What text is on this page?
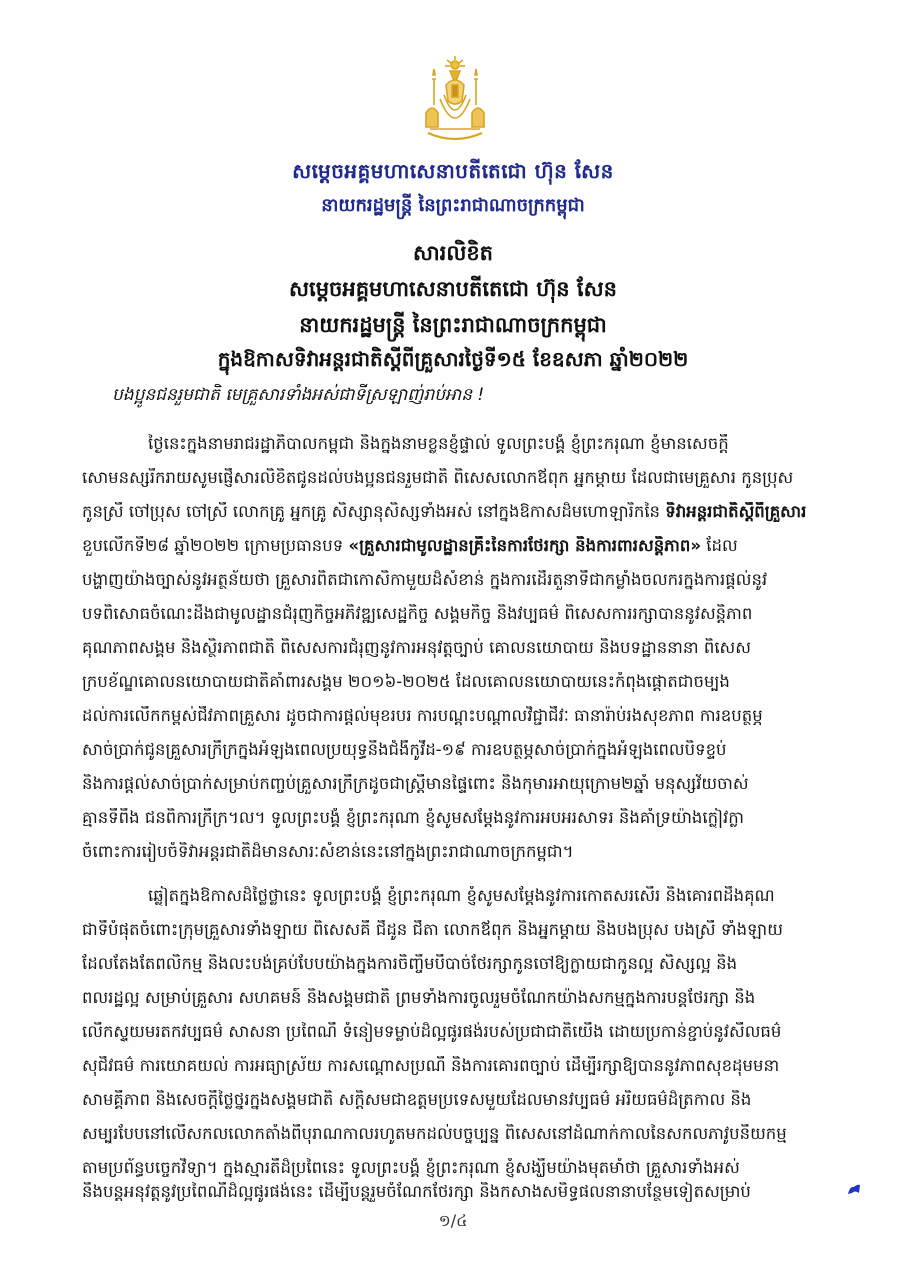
សម្តេចអគ្គមហាសេនាបតីតេជោ ហ៊ុន សែន
នាយករដ្ឋមន្ត្រី នៃព្រះរាជាណាចក្រកម្ពុជា
សារលិខិត
សម្តេចអគ្គមហាសេនាបតីតេជោ ហ៊ុន សែន
នាយករដ្ឋមន្ត្រី នៃព្រះរាជាណាចក្រកម្ពុជា
ក្នុងឱកាសទិវាអន្តរជាតិស្តីពីគ្រួសារថ្ងៃទី១៥ ខែឧសភា ឆ្នាំ២០២២
បងប្អូនជនរួមជាតិ មេគ្រួសារទាំងអស់ជាទីស្រឡាញ់រាប់អាន !
ថ្ងៃនេះក្នុងនាមរាជរដ្ឋាភិបាលកម្ពុជា និងក្នុងនាមខ្លួនខ្ញុំផ្ទាល់ ទូលព្រះបង្គំ ខ្ញុំព្រះករុណា ខ្ញុំមានសេចក្តី
សោមនស្សរីករាយសូមផ្ញើសារលិខិតជូនដល់បងប្អូនជនរួមជាតិ ពិសេសលោកឪពុក អ្នកម្តាយ ដែលជាមេគ្រួសារ កូនប្រុស
កូនស្រី ចៅប្រុស ចៅស្រី លោកគ្រូ អ្នកគ្រូ សិស្សានុសិស្សទាំងអស់ នៅក្នុងឱកាសដ៏មហោឡារិកនៃ ទិវាអន្តរជាតិស្តីពីគ្រួសារ
ខួបលើកទី២៨ ឆ្នាំ២០២២ ក្រោមប្រធានបទ «គ្រួសារជាមូលដ្ឋានគ្រឹះនៃការថែរក្សា និងការពារសន្តិភាព» ដែល
បង្ហាញយ៉ាងច្បាស់នូវអត្ថន័យថា គ្រួសារពិតជាកោសិកាមួយដ៏សំខាន់ ក្នុងការដើរតួនាទីជាកម្លាំងចលករក្នុងការផ្តល់នូវ
បទពិសោធចំណេះដឹងជាមូលដ្ឋានជំរុញកិច្ចអភិវឌ្ឍសេដ្ឋកិច្ច សង្គមកិច្ច និងវប្បធម៌ ពិសេសការរក្សាបាននូវសន្តិភាព
គុណភាពសង្គម និងស្ថិរភាពជាតិ ពិសេសការជំរុញនូវការអនុវត្តច្បាប់ គោលនយោបាយ និងបទដ្ឋាននានា ពិសេស
ក្របខ័ណ្ឌគោលនយោបាយជាតិគាំពារសង្គម ២០១៦-២០២៥ ដែលគោលនយោបាយនេះកំពុងផ្តោតជាចម្បង
ដល់ការលើកកម្ពស់ជីវភាពគ្រួសារ ដូចជាការផ្តល់មុខរបរ ការបណ្តុះបណ្តាលវិជ្ជាជីវៈ ធានារ៉ាប់រងសុខភាព ការឧបត្ថម្ភ
សាច់ប្រាក់ជូនគ្រួសារក្រីក្រក្នុងអំឡុងពេលប្រយុទ្ធនឹងជំងឺកូវីដ-១៩ ការឧបត្ថម្ភសាច់ប្រាក់ក្នុងអំឡុងពេលបិទខ្ទប់
និងការផ្តល់សាច់ប្រាក់សម្រាប់កញ្ចប់គ្រួសារក្រីក្រដូចជាស្ត្រីមានផ្ទៃពោះ និងកុមារអាយុក្រោម២ឆ្នាំ មនុស្សវ័យចាស់
គ្មានទីពឹង ជនពិការក្រីក្រ។ល។ ទូលព្រះបង្គំ ខ្ញុំព្រះករុណា ខ្ញុំសូមសម្តែងនូវការអបអរសាទរ និងគាំទ្រយ៉ាងក្លៀវក្លា
ចំពោះការរៀបចំទិវាអន្តរជាតិដ៏មានសារៈសំខាន់នេះនៅក្នុងព្រះរាជាណាចក្រកម្ពុជា។
ឆ្លៀតក្នុងឱកាសដ៏ថ្លៃថ្លានេះ ទូលព្រះបង្គំ ខ្ញុំព្រះករុណា ខ្ញុំសូមសម្តែងនូវការកោតសរសើរ និងគោរពដឹងគុណ
ជាទីបំផុតចំពោះក្រុមគ្រួសារទាំងឡាយ ពិសេសគឺ ជីដូន ជីតា លោកឪពុក និងអ្នកម្តាយ និងបងប្រុស បងស្រី ទាំងឡាយ
ដែលតែងតែពលិកម្ម និងលះបង់គ្រប់បែបយ៉ាងក្នុងការចិញ្ចឹមបីបាច់ថែរក្សាកូនចៅឱ្យក្លាយជាកូនល្អ សិស្សល្អ និង
ពលរដ្ឋល្អ សម្រាប់គ្រួសារ សហគមន៍ និងសង្គមជាតិ ព្រមទាំងការចូលរួមចំណែកយ៉ាងសកម្មក្នុងការបន្តថែរក្សា និង
លើកស្ទួយមរតកវប្បធម៌ សាសនា ប្រពៃណី ទំនៀមទម្លាប់ដ៏ល្អផូរផង់របស់ប្រជាជាតិយើង ដោយប្រកាន់ខ្ជាប់នូវសីលធម៌
សុជីវធម៌ ការយោគយល់ ការអធ្យាស្រ័យ ការសណ្តោសប្រណី និងការគោរពច្បាប់ ដើម្បីរក្សាឱ្យបាននូវភាពសុខដុមមនា
សាមគ្គីភាព និងសេចក្តីថ្លៃថ្នូរក្នុងសង្គមជាតិ សក្តិសមជាឧត្តមប្រទេសមួយដែលមានវប្បធម៌ អរិយធម៌ដ៏ត្រកាល និង
សម្បូរបែបនៅលើសកលលោកតាំងពីបុរាណកាលរហូតមកដល់បច្ចុប្បន្ន ពិសេសនៅដំណាក់កាលនៃសកលភាវូបនីយកម្ម
តាមប្រព័ន្ធបច្ចេកវិទ្យា។ ក្នុងស្មារតីដ៏ប្រពៃនេះ ទូលព្រះបង្គំ ខ្ញុំព្រះករុណា ខ្ញុំសង្ឃឹមយ៉ាងមុតមាំថា គ្រួសារទាំងអស់
នឹងបន្តអនុវត្តនូវប្រពៃណីដ៏ល្អផូរផង់នេះ ដើម្បីបន្តរួមចំណែកថែរក្សា និងកសាងសមិទ្ធផលនានាបន្ថែមទៀតសម្រាប់
១/៤
